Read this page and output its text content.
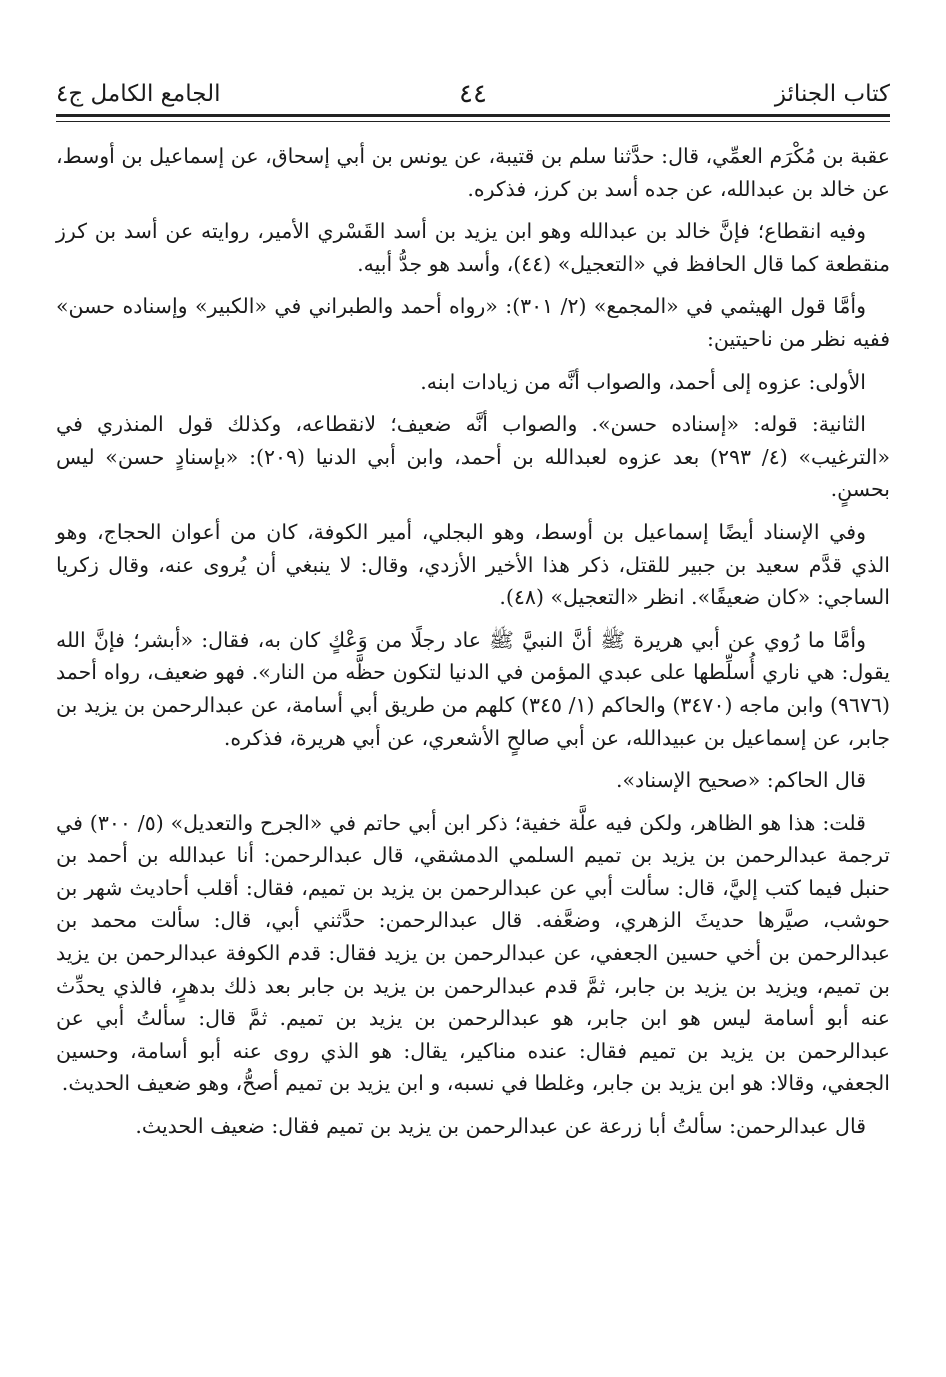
كتاب الجنائز
٤٤
الجامع الكامل ج٤

عقبة بن مُكْرَم العمِّي، قال: حدَّثنا سلم بن قتيبة، عن يونس بن أبي إسحاق، عن إسماعيل بن أوسط، عن خالد بن عبدالله، عن جده أسد بن كرز، فذكره.

وفيه انقطاع؛ فإنَّ خالد بن عبدالله وهو ابن يزيد بن أسد القَسْري الأمير، روايته عن أسد بن كرز منقطعة كما قال الحافظ في «التعجيل» (٤٤)، وأسد هو جدُّ أبيه.

وأمَّا قول الهيثمي في «المجمع» (٢/ ٣٠١): «رواه أحمد والطبراني في «الكبير» وإسناده حسن» ففيه نظر من ناحيتين:

الأولى: عزوه إلى أحمد، والصواب أنَّه من زيادات ابنه.

الثانية: قوله: «إسناده حسن». والصواب أنَّه ضعيف؛ لانقطاعه، وكذلك قول المنذري في «الترغيب» (٤/ ٢٩٣) بعد عزوه لعبدالله بن أحمد، وابن أبي الدنيا (٢٠٩): «بإسنادٍ حسن» ليس بحسنٍ.

وفي الإسناد أيضًا إسماعيل بن أوسط، وهو البجلي، أمير الكوفة، كان من أعوان الحجاج، وهو الذي قدَّم سعيد بن جبير للقتل، ذكر هذا الأخير الأزدي، وقال: لا ينبغي أن يُروى عنه، وقال زكريا الساجي: «كان ضعيفًا». انظر «التعجيل» (٤٨).

وأمَّا ما رُوي عن أبي هريرة ﷺ أنَّ النبيَّ ﷺ عاد رجلًا من وَعْكٍ كان به، فقال: «أبشر؛ فإنَّ الله يقول: هي ناري أُسلِّطها على عبدي المؤمن في الدنيا لتكون حظَّه من النار». فهو ضعيف، رواه أحمد (٩٦٧٦) وابن ماجه (٣٤٧٠) والحاكم (١/ ٣٤٥) كلهم من طريق أبي أسامة، عن عبدالرحمن بن يزيد بن جابر، عن إسماعيل بن عبيدالله، عن أبي صالحٍ الأشعري، عن أبي هريرة، فذكره.

قال الحاكم: «صحيح الإسناد».

قلت: هذا هو الظاهر، ولكن فيه علَّة خفية؛ ذكر ابن أبي حاتم في «الجرح والتعديل» (٥/ ٣٠٠) في ترجمة عبدالرحمن بن يزيد بن تميم السلمي الدمشقي، قال عبدالرحمن: أنا عبدالله بن أحمد بن حنبل فيما كتب إليَّ، قال: سألت أبي عن عبدالرحمن بن يزيد بن تميم، فقال: أقلب أحاديث شهر بن حوشب، صيَّرها حديثَ الزهري، وضعَّفه. قال عبدالرحمن: حدَّثني أبي، قال: سألت محمد بن عبدالرحمن بن أخي حسين الجعفي، عن عبدالرحمن بن يزيد فقال: قدم الكوفة عبدالرحمن بن يزيد بن تميم، ويزيد بن يزيد بن جابر، ثمَّ قدم عبدالرحمن بن يزيد بن جابر بعد ذلك بدهرٍ، فالذي يحدِّث عنه أبو أسامة ليس هو ابن جابر، هو عبدالرحمن بن يزيد بن تميم. ثمَّ قال: سألتُ أبي عن عبدالرحمن بن يزيد بن تميم فقال: عنده مناكير، يقال: هو الذي روى عنه أبو أسامة، وحسين الجعفي، وقالا: هو ابن يزيد بن جابر، وغلطا في نسبه، و ابن يزيد بن تميم أصحُّ، وهو ضعيف الحديث.

قال عبدالرحمن: سألتُ أبا زرعة عن عبدالرحمن بن يزيد بن تميم فقال: ضعيف الحديث.
